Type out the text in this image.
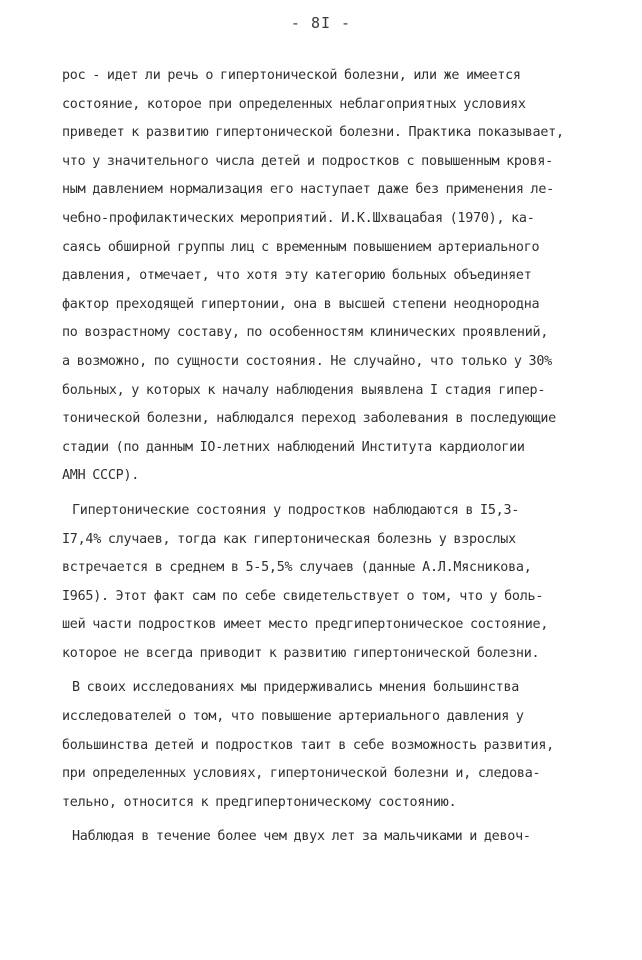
- 8I -
рос - идет ли речь о гипертонической болезни, или же имеется
состояние, которое при определенных неблагоприятных условиях
приведет к развитию гипертонической болезни. Практика показывает,
что у значительного числа детей и подростков с повышенным кровя-
ным давлением нормализация его наступает даже без применения ле-
чебно-профилактических мероприятий. И.К.Шхвацабая (1970), ка-
саясь обширной группы лиц с временным повышением артериального
давления, отмечает, что хотя эту категорию больных объединяет
фактор преходящей гипертонии, она в высшей степени неоднородна
по возрастному составу, по особенностям клинических проявлений,
а возможно, по сущности состояния. Не случайно, что только у 30%
больных, у которых к началу наблюдения выявлена I стадия гипер-
тонической болезни, наблюдался переход заболевания в последующие
стадии (по данным IO-летних наблюдений Института кардиологии
АМН СССР).
Гипертонические состояния у подростков наблюдаются в I5,3-
I7,4% случаев, тогда как гипертоническая болезнь у взрослых
встречается в среднем в 5-5,5% случаев (данные А.Л.Мясникова,
I965). Этот факт сам по себе свидетельствует о том, что у боль-
шей части подростков имеет место предгипертоническое состояние,
которое не всегда приводит к развитию гипертонической болезни.
В своих исследованиях мы придерживались мнения большинства
исследователей о том, что повышение артериального давления у
большинства детей и подростков таит в себе возможность развития,
при определенных условиях, гипертонической болезни и, следова-
тельно, относится к предгипертоническому состоянию.
Наблюдая в течение более чем двух лет за мальчиками и девоч-
